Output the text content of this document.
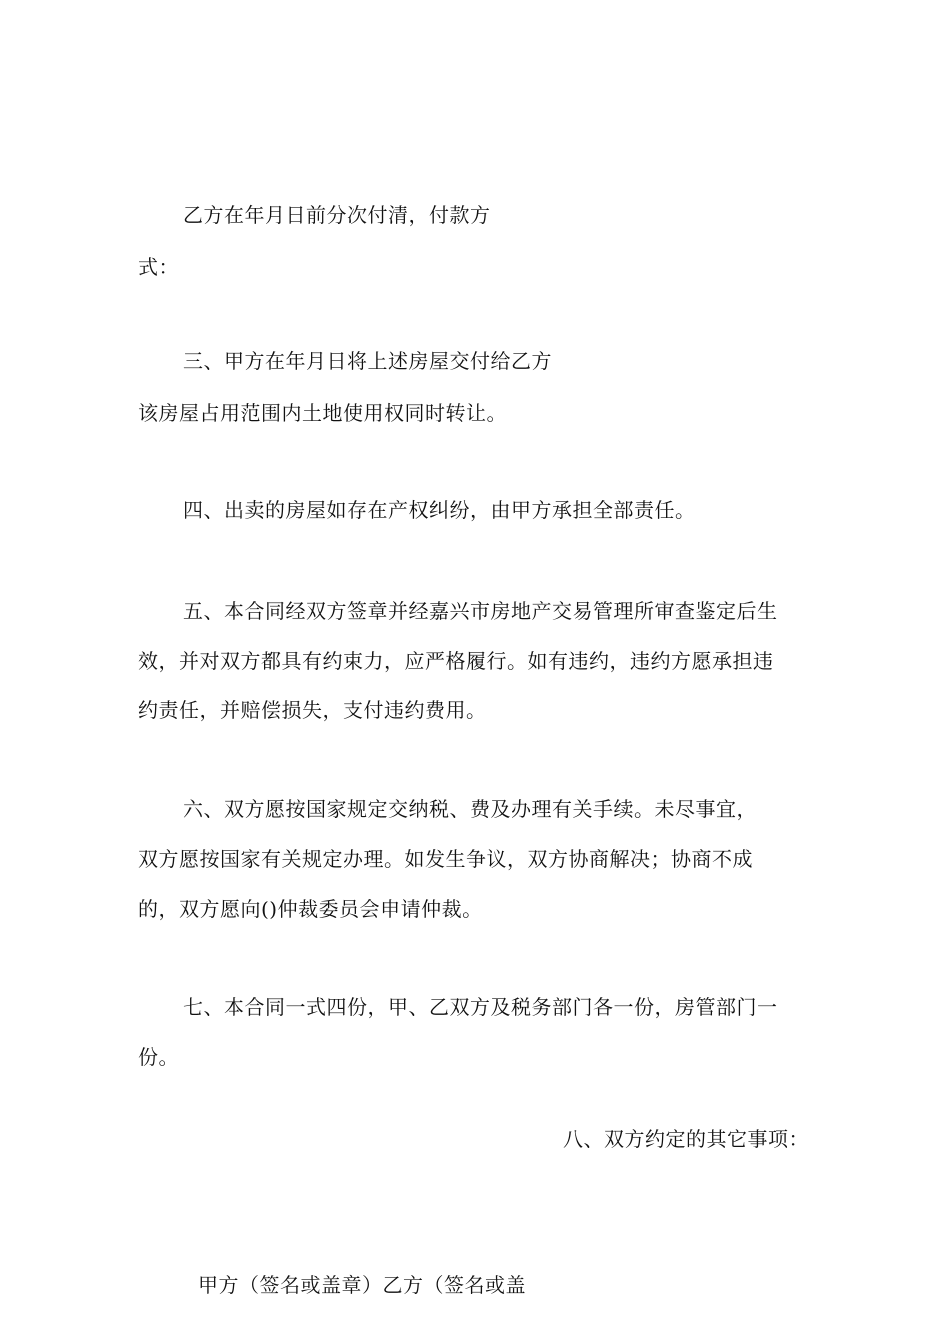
乙方在年月日前分次付清，付款方
式：
三、甲方在年月日将上述房屋交付给乙方
该房屋占用范围内土地使用权同时转让。
四、出卖的房屋如存在产权纠纷，由甲方承担全部责任。
五、本合同经双方签章并经嘉兴市房地产交易管理所审查鉴定后生
效，并对双方都具有约束力，应严格履行。如有违约，违约方愿承担违
约责任，并赔偿损失，支付违约费用。
六、双方愿按国家规定交纳税、费及办理有关手续。未尽事宜，
双方愿按国家有关规定办理。如发生争议，双方协商解决；协商不成
的，双方愿向()仲裁委员会申请仲裁。
七、本合同一式四份，甲、乙双方及税务部门各一份，房管部门一
份。
八、双方约定的其它事项：
甲方（签名或盖章）乙方（签名或盖
